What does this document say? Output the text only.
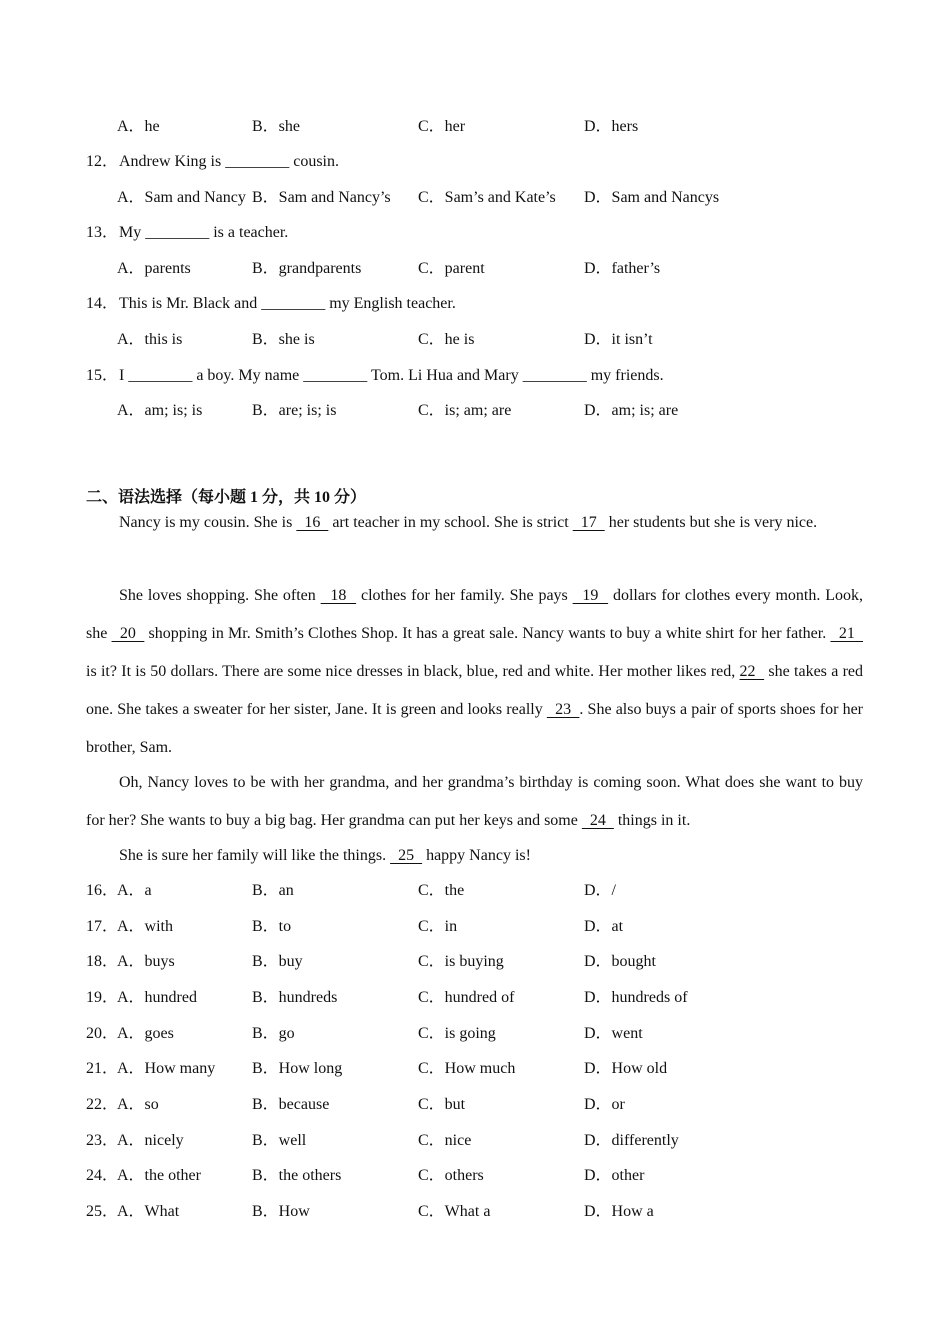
A．he	B．she	C．her	D．hers
12． Andrew King is ________ cousin.
A．Sam and Nancy B．Sam and Nancy’s C．Sam’s and Kate’s D．Sam and Nancys
13． My ________ is a teacher.
A．parents	B．grandparents	C．parent	D．father’s
14． This is Mr. Black and ________ my English teacher.
A．this is	B．she is	C．he is	D．it isn’t
15． I ________ a boy. My name ________ Tom. Li Hua and Mary ________ my friends.
A．am; is; is	B．are; is; is	C．is; am; are	D．am; is; are
二、语法选择（每小题 1 分，共 10 分）
Nancy is my cousin. She is   16   art teacher in my school. She is strict   17   her students but she is very nice.
She loves shopping. She often   18   clothes for her family. She pays   19   dollars for clothes every month. Look, she   20   shopping in Mr. Smith’s Clothes Shop. It has a great sale. Nancy wants to buy a white shirt for her father.   21   is it? It is 50 dollars. There are some nice dresses in black, blue, red and white. Her mother likes red, 22   she takes a red one. She takes a sweater for her sister, Jane. It is green and looks really   23  . She also buys a pair of sports shoes for her brother, Sam.
Oh, Nancy loves to be with her grandma, and her grandma’s birthday is coming soon. What does she want to buy for her? She wants to buy a big bag. Her grandma can put her keys and some   24   things in it.
She is sure her family will like the things.   25   happy Nancy is!
16．
A．a	B．an	C．the	D．/
17．
A．with	B．to	C．in	D．at
18．
A．buys	B．buy	C．is buying	D．bought
19．
A．hundred	B．hundreds	C．hundred of	D．hundreds of
20．
A．goes	B．go	C．is going	D．went
21．
A．How many B．How long	C．How much	D．How old
22．
A．so	B．because	C．but	D．or
23．
A．nicely	B．well	C．nice	D．differently
24．
A．the other	B．the others	C．others	D．other
25．
A．What	B．How	C．What a	D．How a
